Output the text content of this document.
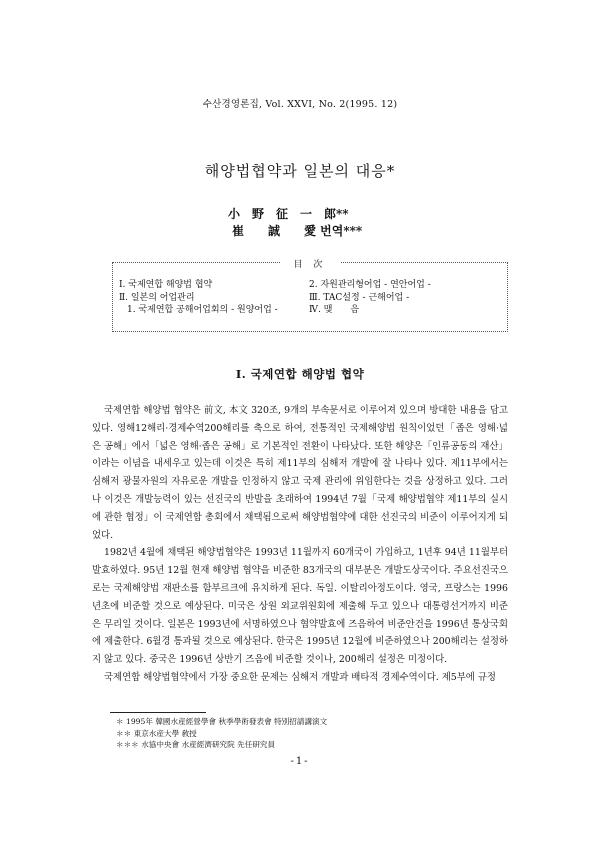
수산경영론집, Vol. XXVI, No. 2(1995. 12)
해양법협약과 일본의 대응*
小　野　征　一　郎**
崔　　誠　　愛 번역***
目 次
Ⅰ. 국제연합 해양법 협약
Ⅱ. 일본의 어업관리
1. 국제연합 공해어업회의 - 원양어업 -
2. 자원관리형어업 - 연안어업 -
Ⅲ. TAC설정 - 근해어업 -
Ⅳ. 맺　　음
Ⅰ. 국제연합 해양법 협약

국제연합 해양법 협약은 前文, 本文 320조, 9개의 부속문서로 이루어져 있으며 방대한 내용을 담고 있다. 영해12해리·경제수역200해리를 축으로 하여, 전통적인 국제해양법 원칙이었던「좁은 영해·넓은 공해」에서「넓은 영해·좁은 공해」로 기본적인 전환이 나타났다. 또한 해양은「인류공동의 재산」이라는 이념을 내세우고 있는데 이것은 특히 제11부의 심해저 개발에 잘 나타나 있다. 제11부에서는 심해저 광물자원의 자유로운 개발을 인정하지 않고 국제 관리에 위임한다는 것을 상정하고 있다. 그러나 이것은 개발능력이 있는 선진국의 반발을 초래하여 1994년 7월「국제 해양법협약 제11부의 실시에 관한 협정」이 국제연합 총회에서 채택됨으로써 해양법협약에 대한 선진국의 비준이 이루어지게 되었다.

1982년 4월에 채택된 해양법협약은 1993년 11월까지 60개국이 가입하고, 1년후 94년 11월부터 발효하였다. 95년 12월 현재 해양법 협약을 비준한 83개국의 대부분은 개발도상국이다. 주요선진국으로는 국제해양법 재판소를 함부르크에 유치하게 된다. 독일. 이탈리아정도이다. 영국, 프랑스는 1996년초에 비준할 것으로 예상된다. 미국은 상원 외교위원회에 제출해 두고 있으나 대통령선거까지 비준은 무리일 것이다. 일본은 1993년에 서명하였으나 협약발효에 즈음하여 비준안건을 1996년 통상국회에 제출한다. 6월경 통과될 것으로 예상된다. 한국은 1995년 12월에 비준하였으나 200해리는 설정하지 않고 있다. 중국은 1996년 상반기 즈음에 비준할 것이나, 200해리 설정은 미정이다.

국제연합 해양법협약에서 가장 중요한 문제는 심해저 개발과 배타적 경제수역이다. 제5부에 규정

＊ 1995年 韓國水産經營學會 秋季學術發表會 特別招請講演文
＊＊ 東京水産大學 敎授
＊＊＊ 水協中央會 水産經濟研究院 先任研究員
-1-
